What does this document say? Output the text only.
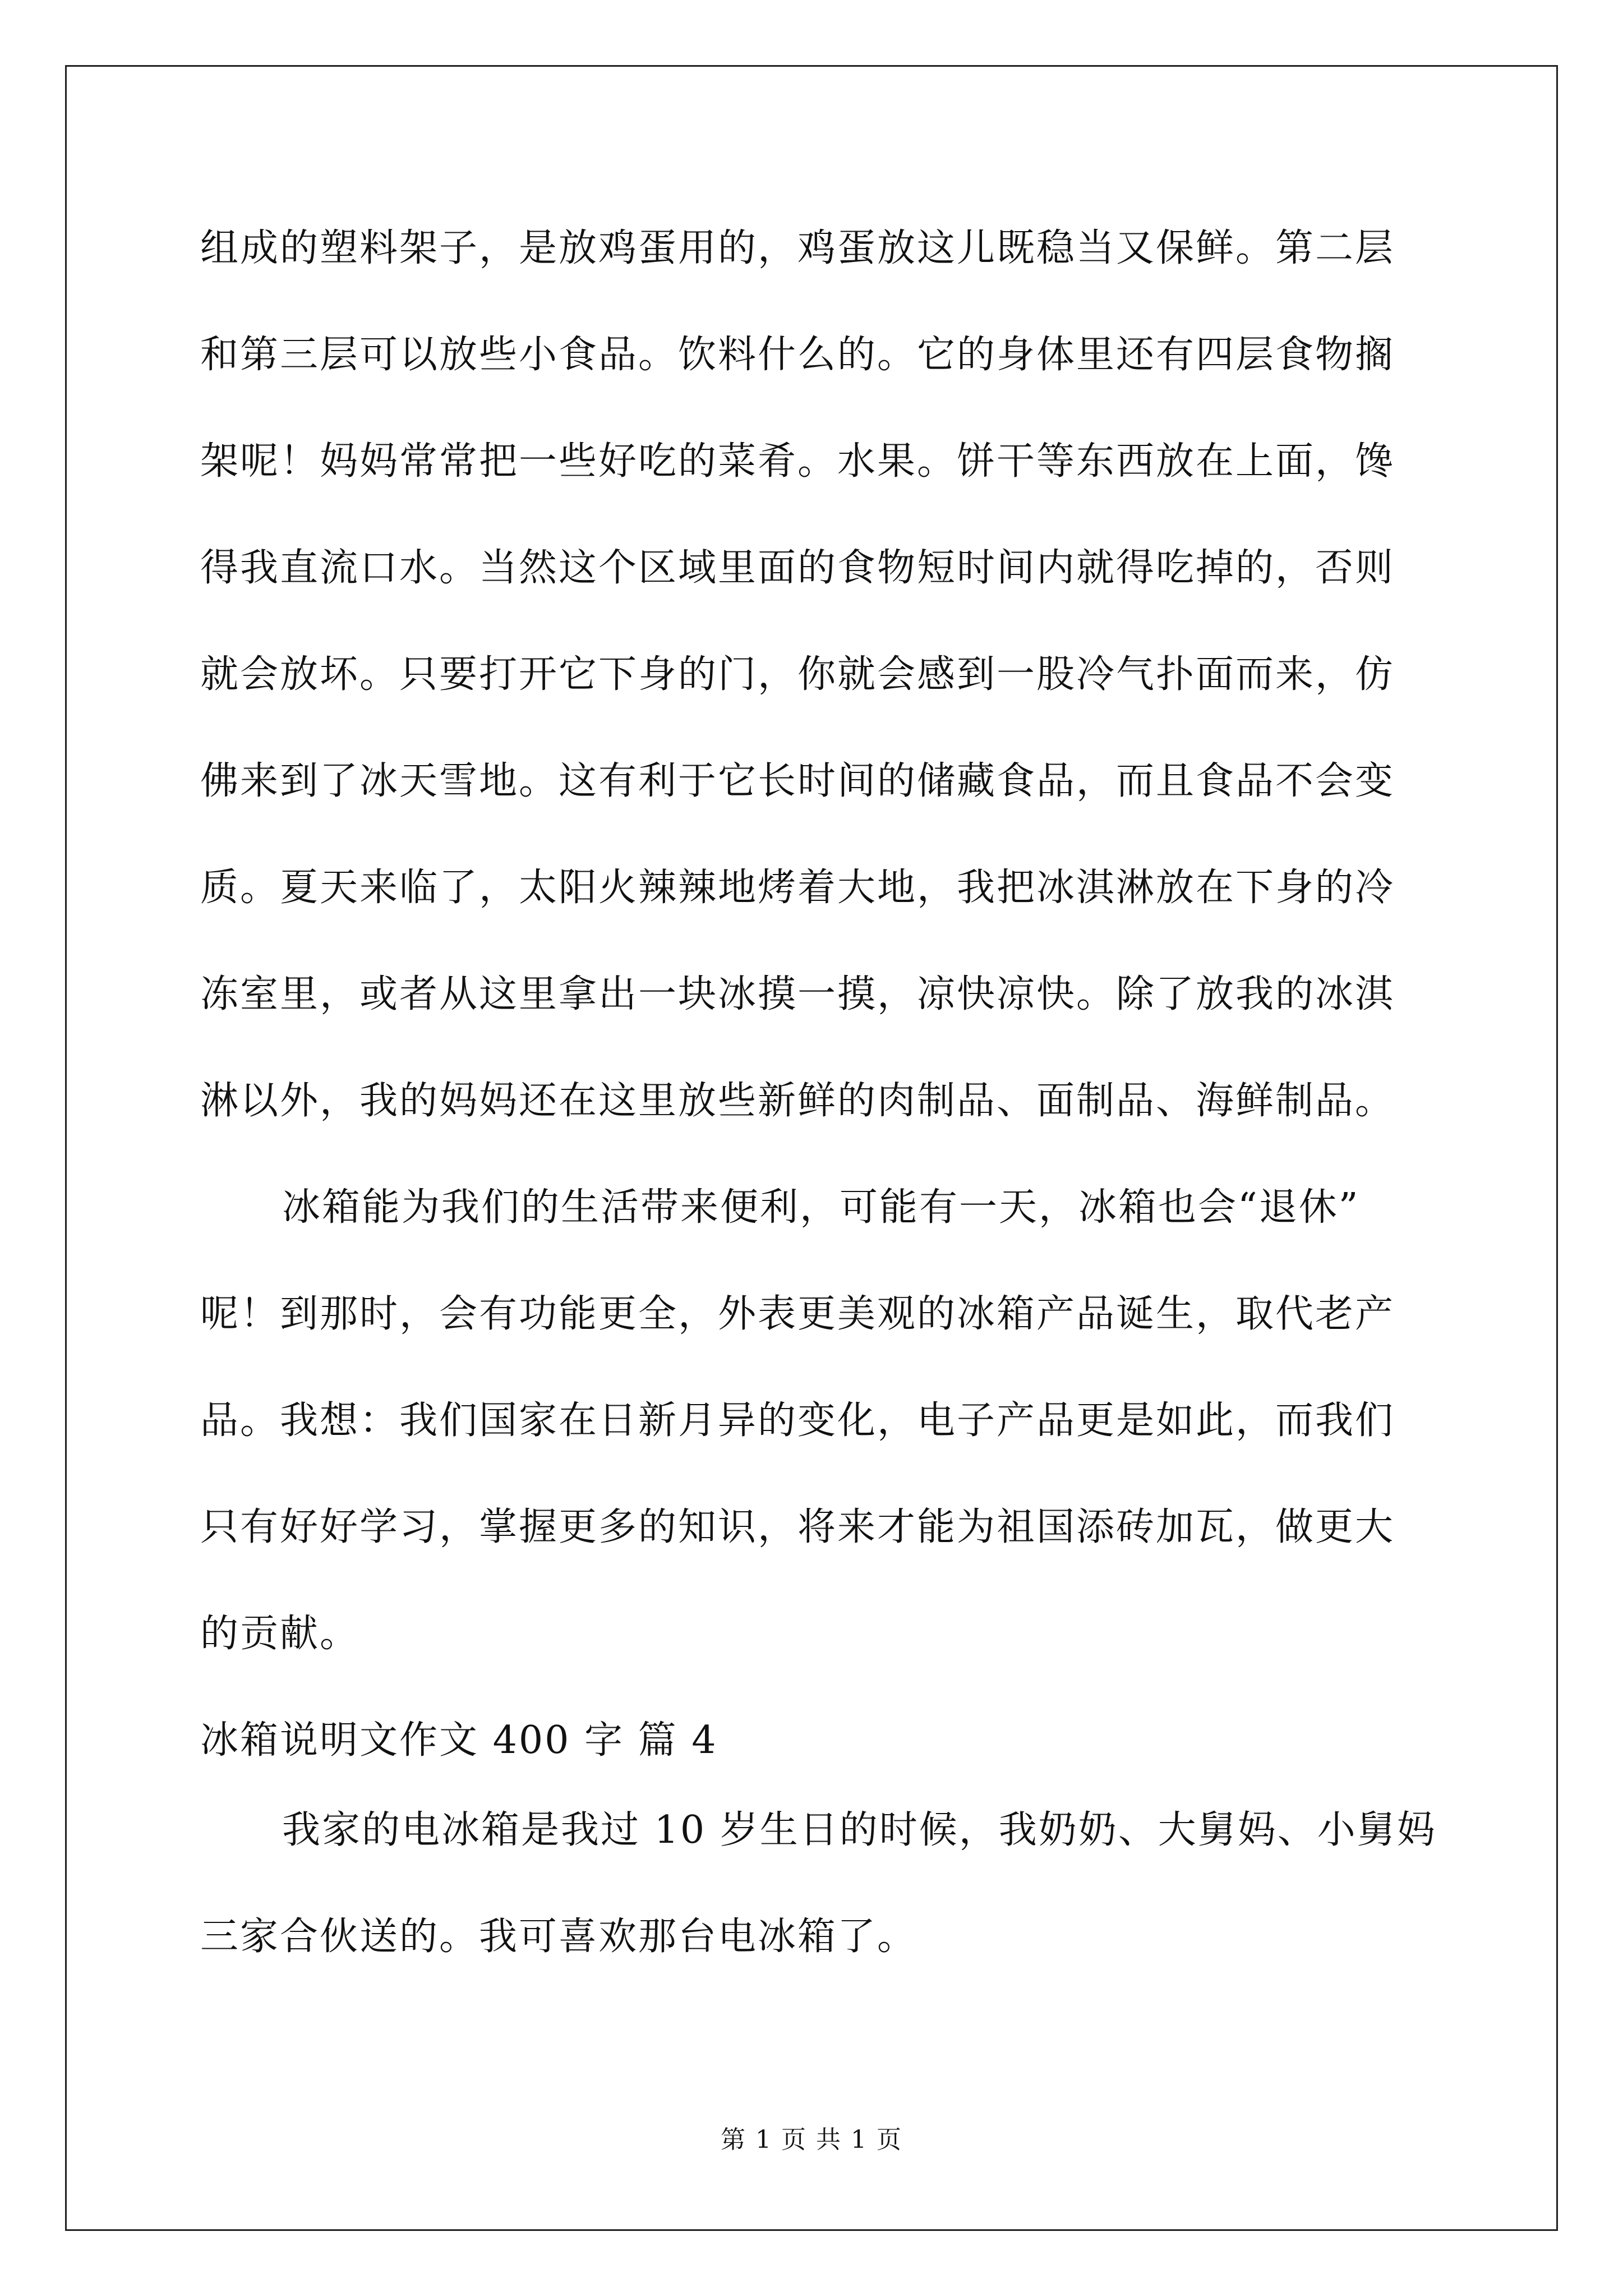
组成的塑料架子，是放鸡蛋用的，鸡蛋放这儿既稳当又保鲜。第二层
和第三层可以放些小食品。饮料什么的。它的身体里还有四层食物搁
架呢！妈妈常常把一些好吃的菜肴。水果。饼干等东西放在上面，馋
得我直流口水。当然这个区域里面的食物短时间内就得吃掉的，否则
就会放坏。只要打开它下身的门，你就会感到一股冷气扑面而来，仿
佛来到了冰天雪地。这有利于它长时间的储藏食品，而且食品不会变
质。夏天来临了，太阳火辣辣地烤着大地，我把冰淇淋放在下身的冷
冻室里，或者从这里拿出一块冰摸一摸，凉快凉快。除了放我的冰淇
淋以外，我的妈妈还在这里放些新鲜的肉制品、面制品、海鲜制品。
冰箱能为我们的生活带来便利，可能有一天，冰箱也会“退休”
呢！到那时，会有功能更全，外表更美观的冰箱产品诞生，取代老产
品。我想：我们国家在日新月异的变化，电子产品更是如此，而我们
只有好好学习，掌握更多的知识，将来才能为祖国添砖加瓦，做更大
的贡献。
冰箱说明文作文 400 字 篇 4
我家的电冰箱是我过 10 岁生日的时候，我奶奶、大舅妈、小舅妈
三家合伙送的。我可喜欢那台电冰箱了。
第 1 页 共 1 页
